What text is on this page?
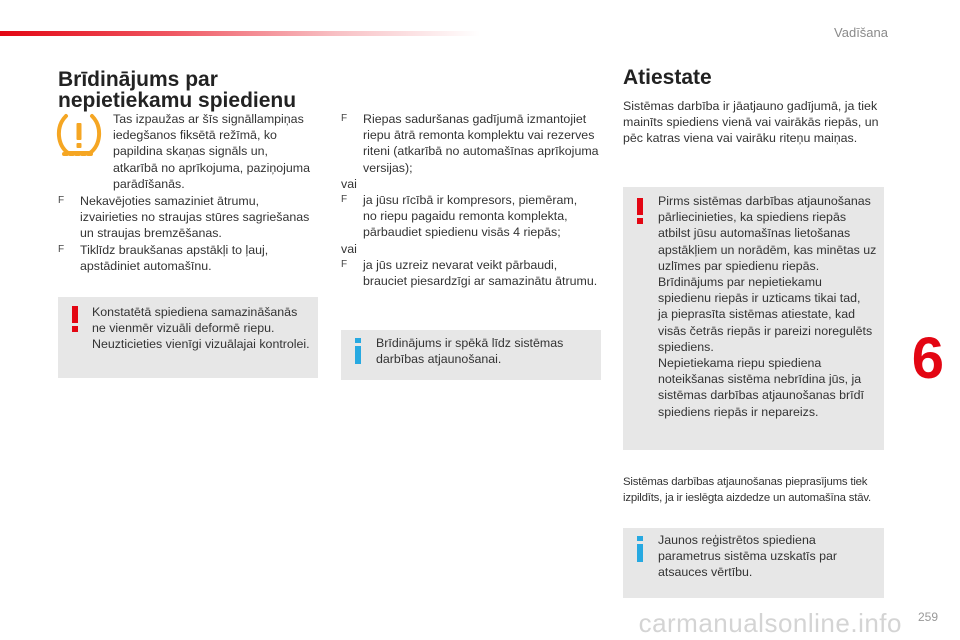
Vadīšana
Brīdinājums par
nepietiekamu spiedienu

Tas izpaužas ar šīs signāllampiņas

iedegšanos fiksētā režīmā, ko

papildina skaņas signāls un,

atkarībā no aprīkojuma, paziņojuma

parādīšanās.

F Nekavējoties samaziniet ātrumu,

izvairieties no straujas stūres sagriešanas

un straujas bremzēšanas.

F Tiklīdz braukšanas apstākļi to ļauj,

apstādiniet automašīnu.

Konstatētā spiediena samazināšanās
ne vienmēr vizuāli deformē riepu.
Neuzticieties vienīgi vizuālajai kontrolei.
F Riepas saduršanas gadījumā izmantojiet

riepu ātrā remonta komplektu vai rezerves

riteni (atkarībā no automašīnas aprīkojuma

versijas);

vai

F ja jūsu rīcībā ir kompresors, piemēram,

no riepu pagaidu remonta komplekta,

pārbaudiet spiedienu visās 4 riepās;

vai

F ja jūs uzreiz nevarat veikt pārbaudi,

brauciet piesardzīgi ar samazinātu ātrumu.

Brīdinājums ir spēkā līdz sistēmas
darbības atjaunošanai.
Atiestate

Sistēmas darbība ir jāatjauno gadījumā, ja tiek

mainīts spiediens vienā vai vairākās riepās, un

pēc katras viena vai vairāku riteņu maiņas.

Pirms sistēmas darbības atjaunošanas
pārliecinieties, ka spiediens riepās
atbilst jūsu automašīnas lietošanas
apstākļiem un norādēm, kas minētas uz
uzlīmes par spiedienu riepās.
Brīdinājums par nepietiekamu
spiedienu riepās ir uzticams tikai tad,
ja pieprasīta sistēmas atiestate, kad
visās četrās riepās ir pareizi noregulēts
spiediens.
Nepietiekama riepu spiediena
noteikšanas sistēma nebrīdina jūs, ja
sistēmas darbības atjaunošanas brīdī
spiediens riepās ir nepareizs.

Sistēmas darbības atjaunošanas pieprasījums tiek

izpildīts, ja ir ieslēgta aizdedze un automašīna stāv.

Jaunos reģistrētos spiediena
parametrus sistēma uzskatīs par
atsauces vērtību.
6
carmanualsonline.info 259
